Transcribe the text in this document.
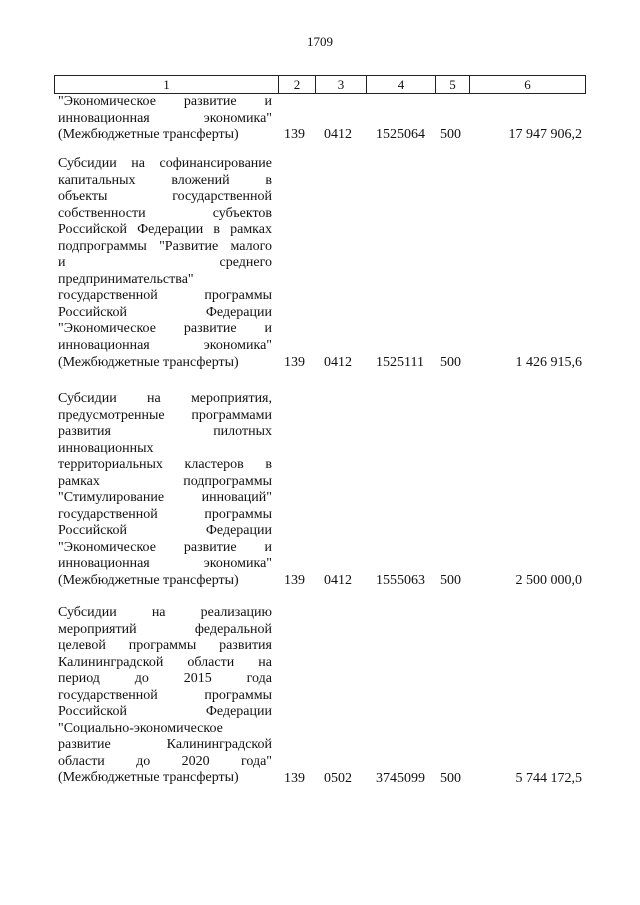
1709
1	2	3	4	5	6
"Экономическое развитие и
инновационная экономика"
(Межбюджетные трансферты)	139 0412 1525064 500	17 947 906,2
Субсидии на софинансирование
капитальных вложений в
объекты государственной
собственности субъектов
Российской Федерации в рамках
подпрограммы "Развитие малого
и среднего
предпринимательства"
государственной программы
Российской Федерации
"Экономическое развитие и
инновационная экономика"
(Межбюджетные трансферты)	139 0412 1525111 500	1 426 915,6
Субсидии на мероприятия,
предусмотренные программами
развития пилотных
инновационных
территориальных кластеров в
рамках подпрограммы
"Стимулирование инноваций"
государственной программы
Российской Федерации
"Экономическое развитие и
инновационная экономика"
(Межбюджетные трансферты)	139 0412 1555063 500	2 500 000,0
Субсидии на реализацию
мероприятий федеральной
целевой программы развития
Калининградской области на
период до 2015 года
государственной программы
Российской Федерации
"Социально-экономическое
развитие Калининградской
области до 2020 года"
(Межбюджетные трансферты)	139 0502 3745099 500	5 744 172,5
